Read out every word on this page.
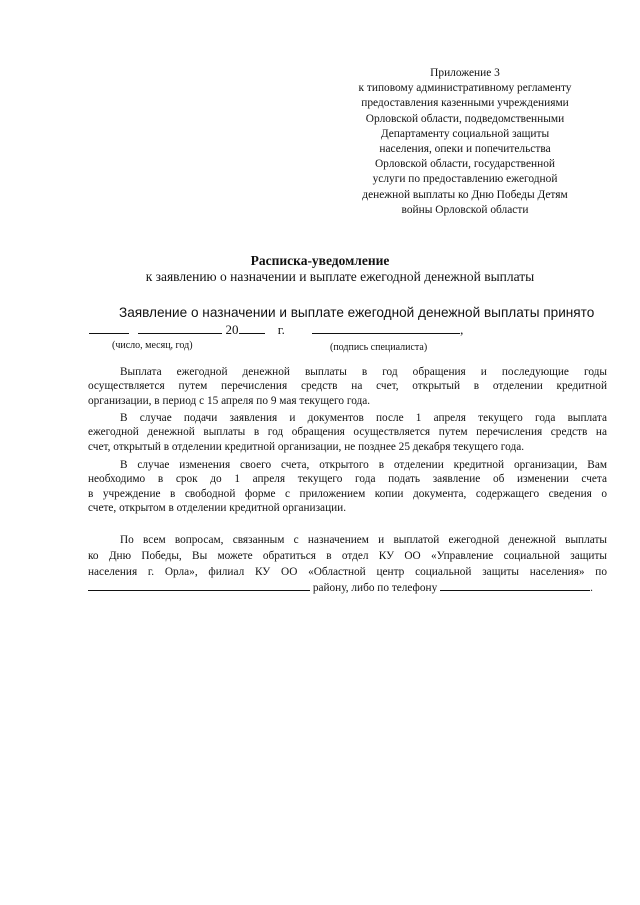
Приложение 3
к типовому административному регламенту
предоставления казенными учреждениями
Орловской области, подведомственными
Департаменту социальной защиты
населения, опеки и попечительства
Орловской области, государственной
услуги по предоставлению ежегодной
денежной выплаты ко Дню Победы Детям
войны Орловской области
Расписка-уведомление
к заявлению о назначении и выплате ежегодной денежной выплаты
Заявление о назначении и выплате ежегодной денежной выплаты принято
20	г.	,
(число, месяц, год)	(подпись специалиста)
Выплата ежегодной денежной выплаты в год обращения и последующие годы
осуществляется путем перечисления средств на счет, открытый в отделении кредитной
организации, в период с 15 апреля по 9 мая текущего года.
В случае подачи заявления и документов после 1 апреля текущего года выплата
ежегодной денежной выплаты в год обращения осуществляется путем перечисления средств на
счет, открытый в отделении кредитной организации, не позднее 25 декабря текущего года.
В случае изменения своего счета, открытого в отделении кредитной организации, Вам
необходимо в срок до 1 апреля текущего года подать заявление об изменении счета
в учреждение в свободной форме с приложением копии документа, содержащего сведения о
счете, открытом в отделении кредитной организации.
По всем вопросам, связанным с назначением и выплатой ежегодной денежной выплаты
ко Дню Победы, Вы можете обратиться в отдел КУ ОО «Управление социальной защиты
населения г. Орла», филиал КУ ОО «Областной центр социальной защиты населения» по
району, либо по телефону	.
